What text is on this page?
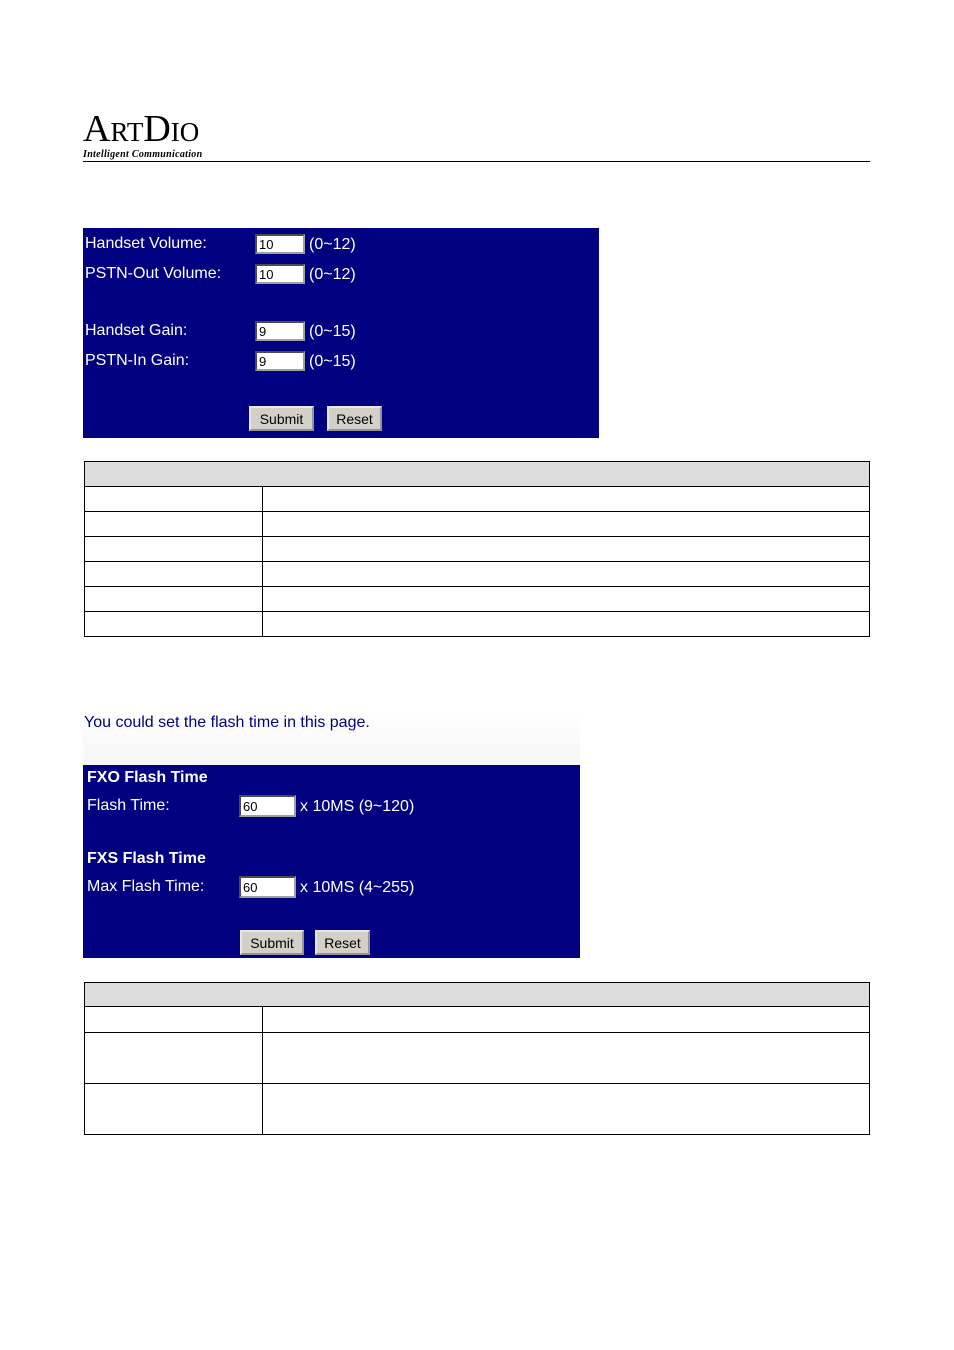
ARTDIO
Intelligent Communication
Handset Volume:
10	(0~12)
PSTN-Out Volume:
10	(0~12)
Handset Gain:
9	(0~15)
PSTN-In Gain:
9	(0~15)
Submit	Reset

You could set the flash time in this page.
FXO Flash Time
Flash Time:
60	x 10MS (9~120)
FXS Flash Time
Max Flash Time:
60	x 10MS (4~255)
Submit	Reset
